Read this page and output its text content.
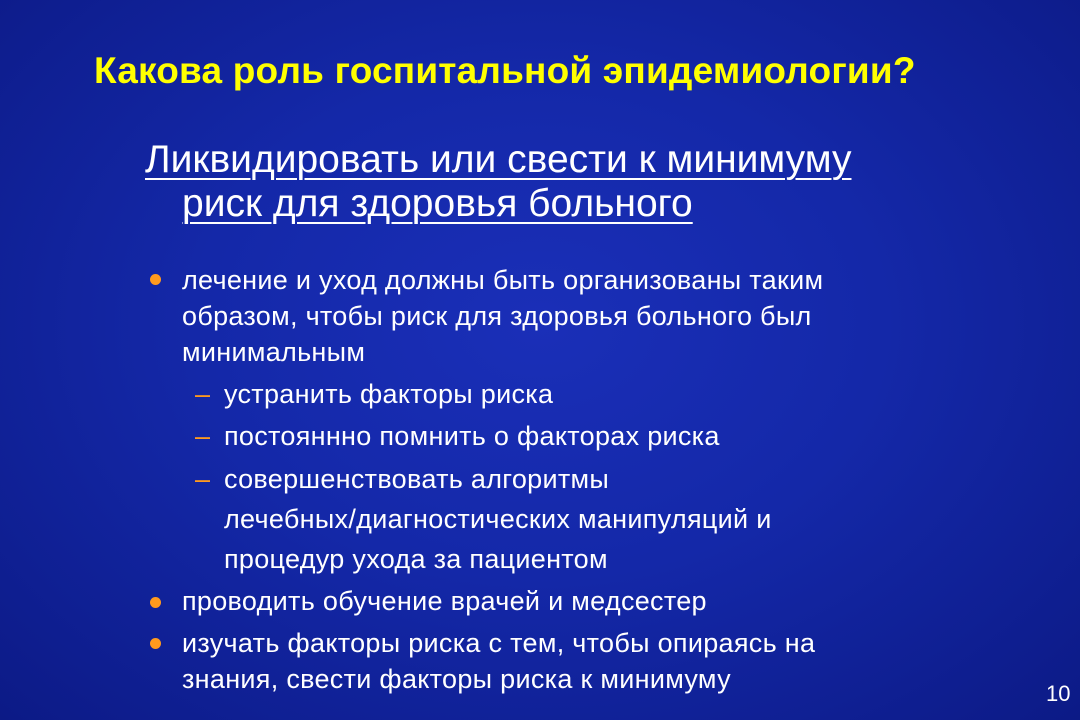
Какова роль госпитальной эпидемиологии?
Ликвидировать или свести к минимуму
риск для здоровья больного
лечение и уход должны быть организованы таким
образом, чтобы риск для здоровья больного был
минимальным
– устранить факторы риска
– постояннно помнить о факторах риска
– совершенствовать алгоритмы
лечебных/диагностических манипуляций и
процедур ухода за пациентом
проводить обучение врачей и медсестер
изучать факторы риска с тем, чтобы опираясь на
знания, свести факторы риска к минимуму	10
